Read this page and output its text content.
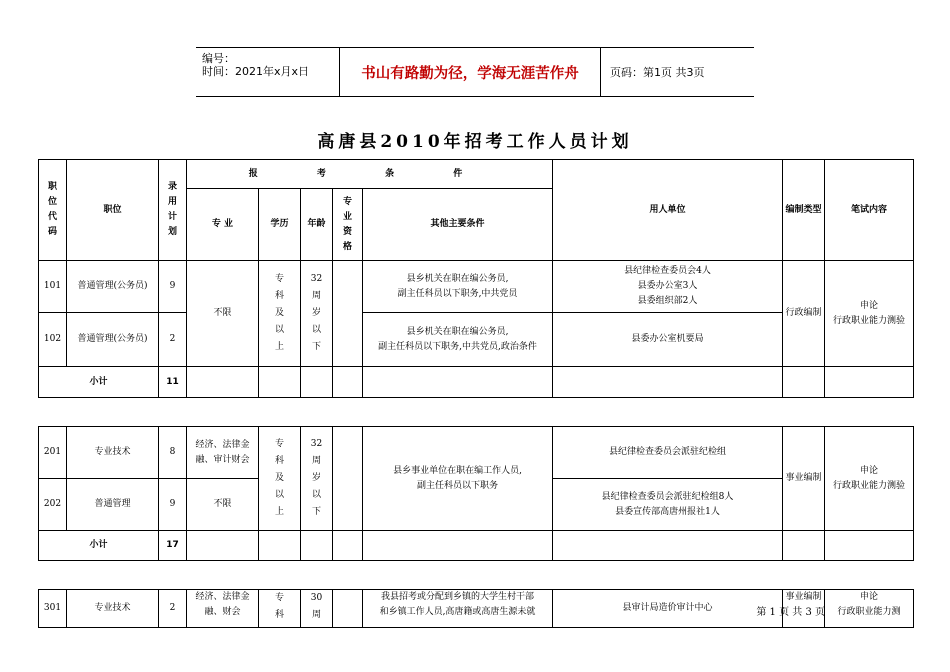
编号：
时间：2021年x月x日	书山有路勤为径，学海无涯苦作舟	页码：第1页 共3页
高唐县2010年招考工作人员计划
职位代码	职位	录用计划	报 考 条 件					用人单位	编制类型	笔试内容
			专 业	学历	年龄	专业资格	其他主要条件			
101	普通管理(公务员)	9	不限	专科及以上	32周岁以下		县乡机关在职在编公务员,
副主任科员以下职务,中共党员	县纪律检查委员会4人
县委办公室3人
县委组织部2人	行政编制	申论
行政职业能力测验
102	普通管理(公务员)	2					县乡机关在职在编公务员,
副主任科员以下职务,中共党员,政治条件	县委办公室机要局		
小计		11								

201	专业技术	8	经济、法律金融、审计财会	专科及以上	32周岁以下		县乡事业单位在职在编工作人员,
副主任科员以下职务	县纪律检查委员会派驻纪检组	事业编制	申论
行政职业能力测验
202	普通管理	9	不限					县纪律检查委员会派驻纪检组8人
县委宣传部高唐州报社1人		
小计		17								

301	专业技术	2	经济、法律金融、财会	专科	30周		我县招考或分配到乡镇的大学生村干部
和乡镇工作人员,高唐籍或高唐生源未就	县审计局造价审计中心	事业编制	申论
行政职业能力测
第 1 页 共 3 页
